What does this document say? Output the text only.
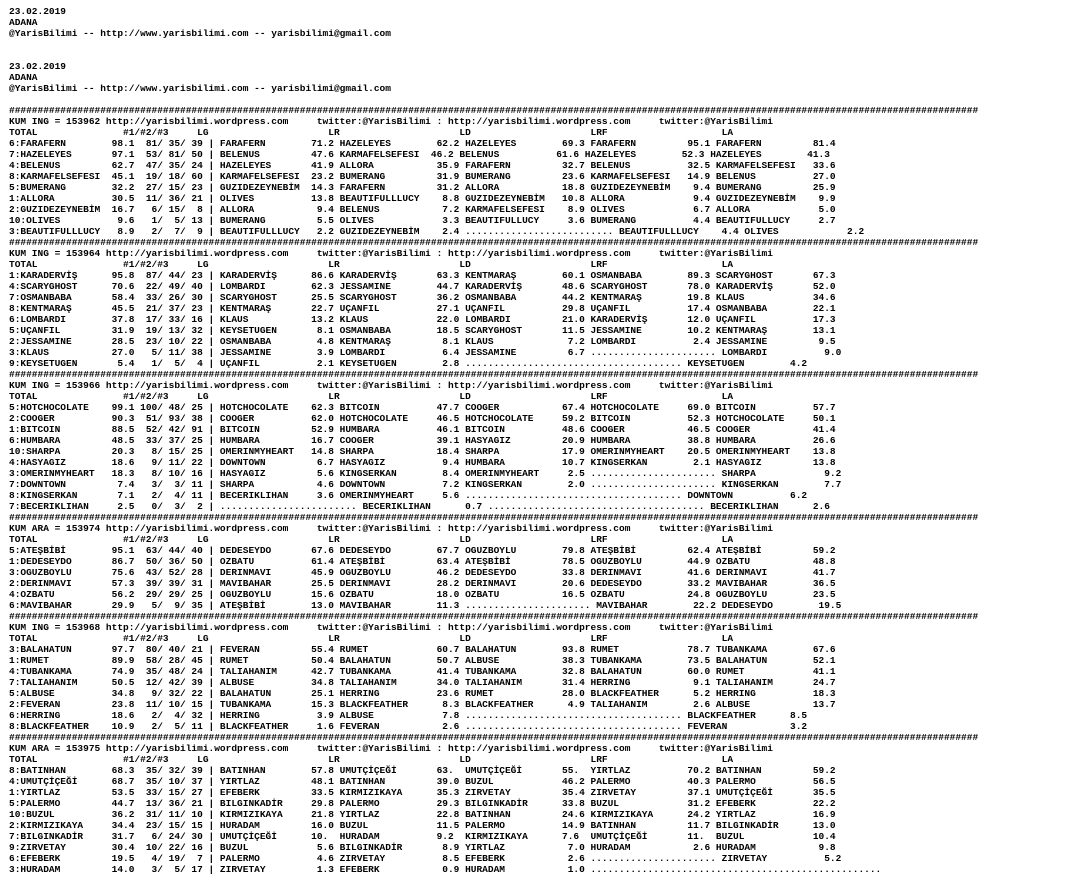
23.02.2019
ADANA
@YarisBilimi -- http://www.yarisbilimi.com -- yarisbilimi@gmail.com
23.02.2019
ADANA
@YarisBilimi -- http://www.yarisbilimi.com -- yarisbilimi@gmail.com
##########################################################################################################################################################################
KUM ING = 153962 http://yarisbilimi.wordpress.com     twitter:@YarisBilimi : http://yarisbilimi.wordpress.com     twitter:@YarisBilimi
TOTAL               #1/#2/#3     LG                     LR                     LD                     LRF                    LA
6:FARAFERN        98.1  81/ 35/ 39 | FARAFERN        71.2 HAZELEYES        62.2 HAZELEYES        69.3 FARAFERN         95.1 FARAFERN         81.4
7:HAZELEYES       97.1  53/ 81/ 50 | BELENUS         47.6 KARMAFELSEFESI  46.2 BELENUS          61.6 HAZELEYES        52.3 HAZELEYES        41.3
4:BELENUS         62.7  47/ 35/ 24 | HAZELEYES       41.9 ALLORA           35.9 FARAFERN         32.7 BELENUS          32.5 KARMAFELSEFESI   33.6
8:KARMAFELSEFESI  45.1  19/ 18/ 60 | KARMAFELSEFESI  23.2 BUMERANG         31.9 BUMERANG         23.6 KARMAFELSEFESI   14.9 BELENUS          27.0
5:BUMERANG        32.2  27/ 15/ 23 | GUZIDEZEYNEBİM  14.3 FARAFERN         31.2 ALLORA           18.8 GUZIDEZEYNEBİM    9.4 BUMERANG         25.9
1:ALLORA          30.5  11/ 36/ 21 | OLIVES          13.8 BEAUTIFULLLUCY    8.8 GUZIDEZEYNEBİM   10.8 ALLORA            9.4 GUZIDEZEYNEBİM    9.9
2:GUZIDEZEYNEBİM  16.7   6/ 15/  8 | ALLORA           9.4 BELENUS           7.2 KARMAFELSEFESI    8.9 OLIVES            6.7 ALLORA            5.0
10:OLIVES          9.6   1/  5/ 13 | BUMERANG         5.5 OLIVES            3.3 BEAUTIFULLUCY     3.6 BUMERANG          4.4 BEAUTIFULLUCY     2.7
3:BEAUTIFULLLUCY   8.9   2/  7/  9 | BEAUTIFULLLUCY   2.2 GUZIDEZEYNEBİM    2.4 .......................... BEAUTIFULLLUCY    4.4 OLIVES            2.2
##########################################################################################################################################################################
KUM ING = 153964 http://yarisbilimi.wordpress.com     twitter:@YarisBilimi : http://yarisbilimi.wordpress.com     twitter:@YarisBilimi
TOTAL               #1/#2/#3     LG                     LR                     LD                     LRF                    LA
1:KARADERVİŞ      95.8  87/ 44/ 23 | KARADERVİŞ      86.6 KARADERVİŞ       63.3 KENTMARAŞ        60.1 OSMANBABA        89.3 SCARYGHOST       67.3
4:SCARYGHOST      70.6  22/ 49/ 40 | LOMBARDI        62.3 JESSAMINE        44.7 KARADERVİŞ       48.6 SCARYGHOST       78.0 KARADERVİŞ       52.0
7:OSMANBABA       58.4  33/ 26/ 30 | SCARYGHOST      25.5 SCARYGHOST       36.2 OSMANBABA        44.2 KENTMARAŞ        19.8 KLAUS            34.6
8:KENTMARAŞ       45.5  21/ 37/ 23 | KENTMARAŞ       22.7 UÇANFIL          27.1 UÇANFIL          29.8 UÇANFIL          17.4 OSMANBABA        22.1
6:LOMBARDI        37.8  17/ 33/ 16 | KLAUS           13.2 KLAUS            22.0 LOMBARDI         21.0 KARADERVİŞ       12.0 UÇANFIL          17.3
5:UÇANFIL         31.9  19/ 13/ 32 | KEYSETUGEN       8.1 OSMANBABA        18.5 SCARYGHOST       11.5 JESSAMINE        10.2 KENTMARAŞ        13.1
2:JESSAMINE       28.5  23/ 10/ 22 | OSMANBABA        4.8 KENTMARAŞ         8.1 KLAUS             7.2 LOMBARDI          2.4 JESSAMINE         9.5
3:KLAUS           27.0   5/ 11/ 38 | JESSAMINE        3.9 LOMBARDI          6.4 JESSAMINE         6.7 ...................... LOMBARDI          9.0
9:KEYSETUGEN       5.4   1/  5/  4 | UÇANFIL          2.1 KEYSETUGEN        2.8 ...................................... KEYSETUGEN        4.2
##########################################################################################################################################################################
KUM ING = 153966 http://yarisbilimi.wordpress.com     twitter:@YarisBilimi : http://yarisbilimi.wordpress.com     twitter:@YarisBilimi
TOTAL               #1/#2/#3     LG                     LR                     LD                     LRF                    LA
5:HOTCHOCOLATE    99.1 100/ 48/ 25 | HOTCHOCOLATE    62.3 BITCOIN          47.7 COOGER           67.4 HOTCHOCOLATE     69.0 BITCOIN          57.7
2:COOGER          90.3  51/ 93/ 38 | COOGER          62.0 HOTCHOCOLATE     46.5 HOTCHOCOLATE     59.2 BITCOIN          52.3 HOTCHOCOLATE     50.1
1:BITCOIN         88.5  52/ 42/ 91 | BITCOIN         52.9 HUMBARA          46.1 BITCOIN          48.6 COOGER           46.5 COOGER           41.4
6:HUMBARA         48.5  33/ 37/ 25 | HUMBARA         16.7 COOGER           39.1 HASYAGIZ         20.9 HUMBARA          38.8 HUMBARA          26.6
10:SHARPA         20.3   8/ 15/ 25 | OMERINMYHEART   14.8 SHARPA           18.4 SHARPA           17.9 OMERINMYHEART    20.5 OMERINMYHEART    13.8
4:HASYAGIZ        18.6   9/ 11/ 22 | DOWNTOWN         6.7 HASYAGIZ          9.4 HUMBARA          10.7 KINGSERKAN        2.1 HASYAGIZ         13.8
3:OMERINMYHEART   18.3   8/ 10/ 16 | HASYAGIZ         5.6 KINGSERKAN        8.4 OMERINMYHEART     2.5 ...................... SHARPA            9.2
7:DOWNTOWN         7.4   3/  3/ 11 | SHARPA           4.6 DOWNTOWN          7.2 KINGSERKAN        2.0 ...................... KINGSERKAN        7.7
8:KINGSERKAN       7.1   2/  4/ 11 | BECERIKLIHAN     3.6 OMERINMYHEART     5.6 ...................................... DOWNTOWN          6.2
7:BECERIKLIHAN     2.5   0/  3/  2 | ........................ BECERIKLIHAN      0.7 ...................................... BECERIKLIHAN      2.6
##########################################################################################################################################################################
KUM ARA = 153974 http://yarisbilimi.wordpress.com     twitter:@YarisBilimi : http://yarisbilimi.wordpress.com     twitter:@YarisBilimi
TOTAL               #1/#2/#3     LG                     LR                     LD                     LRF                    LA
5:ATEŞBİBİ        95.1  63/ 44/ 40 | DEDESEYDO       67.6 DEDESEYDO        67.7 OGUZBOYLU        79.8 ATEŞBİBİ         62.4 ATEŞBİBİ         59.2
1:DEDESEYDO       86.7  50/ 36/ 50 | OZBATU          61.4 ATEŞBİBİ         63.4 ATEŞBİBİ         78.5 OGUZBOYLU        44.9 OZBATU           48.8
3:OGUZBOYLU       75.6  43/ 52/ 28 | DERINMAVI       45.9 OGUZBOYLU        46.2 DEDESEYDO        33.8 DERINMAVI        41.6 DERINMAVI        41.7
2:DERINMAVI       57.3  39/ 39/ 31 | MAVIBAHAR       25.5 DERINMAVI        28.2 DERINMAVI        20.6 DEDESEYDO        33.2 MAVIBAHAR        36.5
4:OZBATU          56.2  29/ 29/ 25 | OGUZBOYLU       15.6 OZBATU           18.0 OZBATU           16.5 OZBATU           24.8 OGUZBOYLU        23.5
6:MAVIBAHAR       29.9   5/  9/ 35 | ATEŞBİBİ        13.0 MAVIBAHAR        11.3 ...................... MAVIBAHAR        22.2 DEDESEYDO        19.5
##########################################################################################################################################################################
KUM ING = 153968 http://yarisbilimi.wordpress.com     twitter:@YarisBilimi : http://yarisbilimi.wordpress.com     twitter:@YarisBilimi
TOTAL               #1/#2/#3     LG                     LR                     LD                     LRF                    LA
3:BALAHATUN       97.7  80/ 40/ 21 | FEVERAN         55.4 RUMET            60.7 BALAHATUN        93.8 RUMET            78.7 TUBANKAMA        67.6
1:RUMET           89.9  58/ 28/ 45 | RUMET           50.4 BALAHATUN        50.7 ALBUSE           38.3 TUBANKAMA        73.5 BALAHATUN        52.1
4:TUBANKAMA       74.9  35/ 48/ 24 | TALIAHANIM      42.7 TUBANKAMA        41.4 TUBANKAMA        32.8 BALAHATUN        60.0 RUMET            41.1
7:TALIAHANIM      50.5  12/ 42/ 39 | ALBUSE          34.8 TALIAHANIM       34.0 TALIAHANIM       31.4 HERRING           9.1 TALIAHANIM       24.7
5:ALBUSE          34.8   9/ 32/ 22 | BALAHATUN       25.1 HERRING          23.6 RUMET            28.0 BLACKFEATHER      5.2 HERRING          18.3
2:FEVERAN         23.8  11/ 10/ 15 | TUBANKAMA       15.3 BLACKFEATHER      8.3 BLACKFEATHER      4.9 TALIAHANIM        2.6 ALBUSE           13.7
6:HERRING         18.6   2/  4/ 32 | HERRING          3.9 ALBUSE            7.8 ...................................... BLACKFEATHER      8.5
8:BLACKFEATHER    10.9   2/  5/ 11 | BLACKFEATHER     1.6 FEVERAN           2.6 ...................................... FEVERAN           3.2
##########################################################################################################################################################################
KUM ARA = 153975 http://yarisbilimi.wordpress.com     twitter:@YarisBilimi : http://yarisbilimi.wordpress.com     twitter:@YarisBilimi
TOTAL               #1/#2/#3     LG                     LR                     LD                     LRF                    LA
8:BATINHAN        68.3  35/ 32/ 39 | BATINHAN        57.8 UMUTÇİÇEĞİ       63.  UMUTÇİÇEĞİ       55.  YIRTLAZ          70.2 BATINHAN         59.2
4:UMUTÇİÇEĞİ      68.7  35/ 10/ 37 | YIRTLAZ         48.1 BATINHAN         39.0 BUZUL            46.2 PALERMO          40.3 PALERMO          56.5
1:YIRTLAZ         53.5  33/ 15/ 27 | EFEBERK         33.5 KIRMIZIKAYA      35.3 ZIRVETAY         35.4 ZIRVETAY         37.1 UMUTÇİÇEĞİ       35.5
5:PALERMO         44.7  13/ 36/ 21 | BILGINKADİR     29.8 PALERMO          29.3 BILGINKADİR      33.8 BUZUL            31.2 EFEBERK          22.2
10:BUZUL          36.2  31/ 11/ 10 | KIRMIZIKAYA     21.8 YIRTLAZ          22.8 BATINHAN         24.6 KIRMIZIKAYA      24.2 YIRTLAZ          16.9
2:KIRMIZIKAYA     34.4  23/ 15/ 15 | HURADAM         16.0 BUZUL            11.5 PALERMO          14.9 BATINHAN         11.7 BILGINKADİR      13.0
7:BILGINKADİR     31.7   6/ 24/ 30 | UMUTÇİÇEĞİ      10.  HURADAM          9.2  KIRMIZIKAYA      7.6  UMUTÇİÇEĞİ       11.  BUZUL            10.4
9:ZIRVETAY        30.4  10/ 22/ 16 | BUZUL            5.6 BILGINKADİR       8.9 YIRTLAZ           7.0 HURADAM           2.6 HURADAM           9.8
6:EFEBERK         19.5   4/ 19/  7 | PALERMO          4.6 ZIRVETAY          8.5 EFEBERK           2.6 ...................... ZIRVETAY          5.2
3:HURADAM         14.0   3/  5/ 17 | ZIRVETAY         1.3 EFEBERK           0.9 HURADAM           1.0 ...................................................
